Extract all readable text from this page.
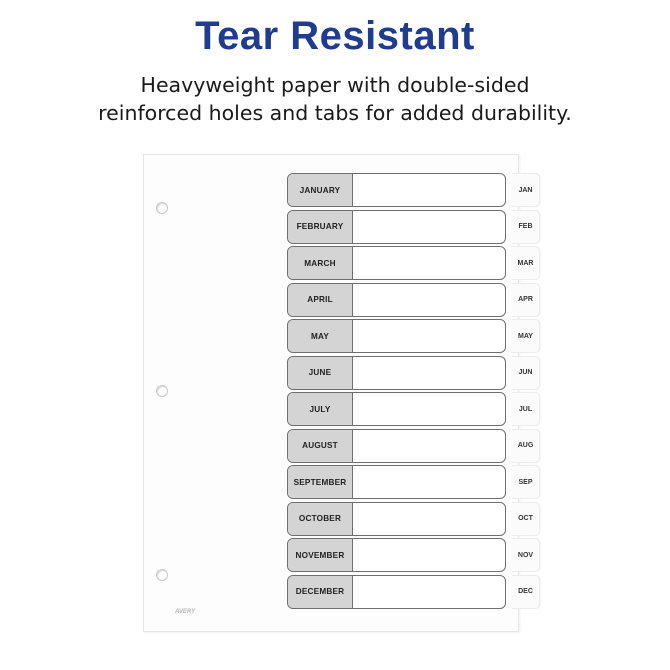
Tear Resistant
Heavyweight paper with double-sided
reinforced holes and tabs for added durability.
AVERY
JANUARY
FEBRUARY
MARCH
APRIL
MAY
JUNE
JULY
AUGUST
SEPTEMBER
OCTOBER
NOVEMBER
DECEMBER
JAN
FEB
MAR
APR
MAY
JUN
JUL
AUG
SEP
OCT
NOV
DEC
